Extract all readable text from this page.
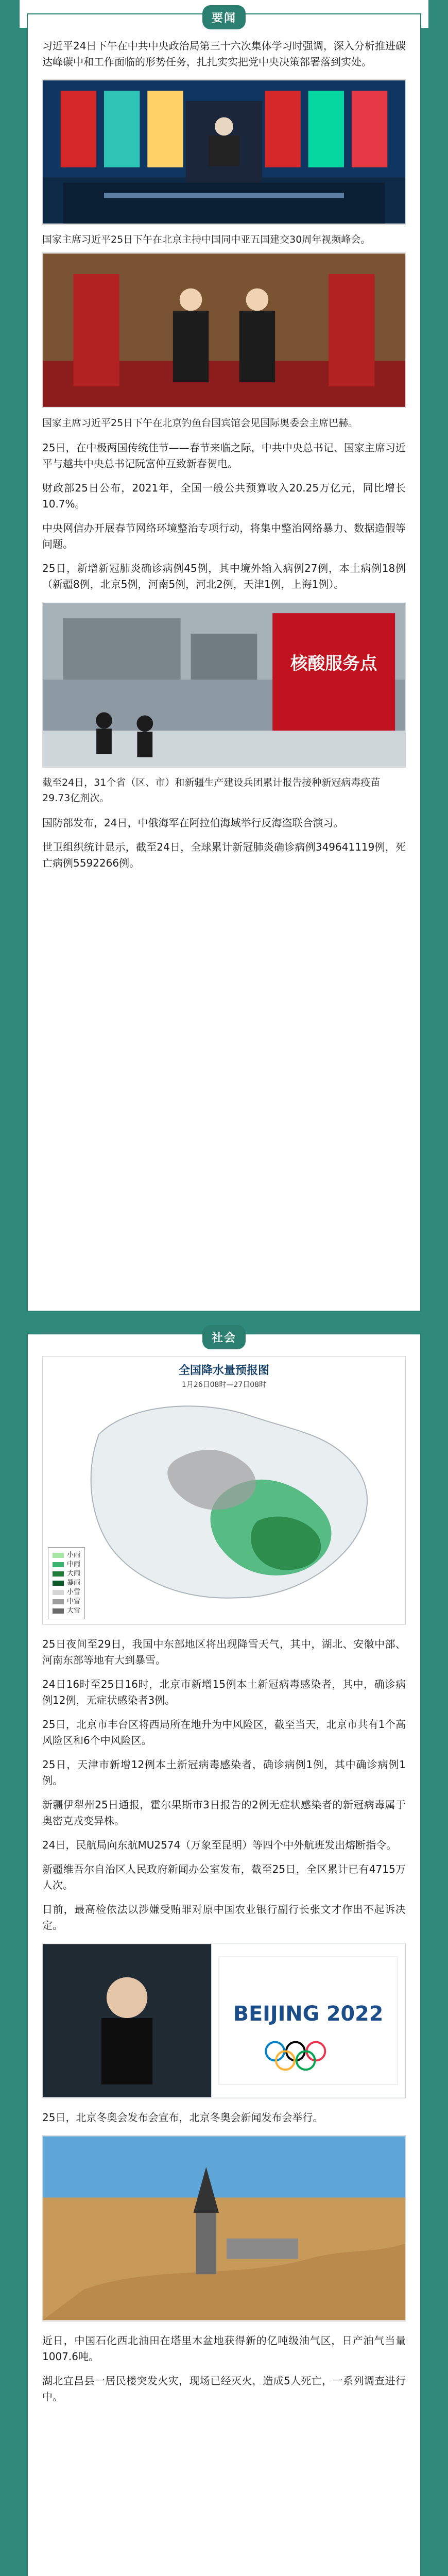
要闻
习近平24日下午在中共中央政治局第三十六次集体学习时强调，深入分析推进碳达峰碳中和工作面临的形势任务，扎扎实实把党中央决策部署落到实处。
国家主席习近平25日下午在北京主持中国同中亚五国建交30周年视频峰会。
国家主席习近平25日下午在北京钓鱼台国宾馆会见国际奥委会主席巴赫。
25日，在中极两国传统佳节——春节来临之际，中共中央总书记、国家主席习近平与越共中央总书记阮富仲互致新春贺电。
财政部25日公布，2021年，全国一般公共预算收入20.25万亿元，同比增长10.7%。
中央网信办开展春节网络环境整治专项行动，将集中整治网络暴力、数据造假等问题。
25日，新增新冠肺炎确诊病例45例，其中境外输入病例27例，本土病例18例（新疆8例，北京5例，河南5例，河北2例，天津1例，上海1例）。
核酸服务点
截至24日，31个省（区、市）和新疆生产建设兵团累计报告接种新冠病毒疫苗29.73亿剂次。
国防部发布，24日，中俄海军在阿拉伯海域举行反海盗联合演习。
世卫组织统计显示，截至24日，全球累计新冠肺炎确诊病例349641119例，死亡病例5592266例。
社会
全国降水量预报图
1月26日08时—27日08时
小雨
中雨
大雨
暴雨
小雪
中雪
大雪
25日夜间至29日，我国中东部地区将出现降雪天气，其中，湖北、安徽中部、河南东部等地有大到暴雪。
24日16时至25日16时，北京市新增15例本土新冠病毒感染者，其中，确诊病例12例，无症状感染者3例。
25日，北京市丰台区将西局所在地升为中风险区，截至当天，北京市共有1个高风险区和6个中风险区。
25日，天津市新增12例本土新冠病毒感染者，确诊病例1例，其中确诊病例1例。
新疆伊犁州25日通报，霍尔果斯市3日报告的2例无症状感染者的新冠病毒属于奥密克戎变异株。
24日，民航局向东航MU2574（万象至昆明）等四个中外航班发出熔断指令。
新疆维吾尔自治区人民政府新闻办公室发布，截至25日，全区累计已有4715万人次。
日前，最高检依法以涉嫌受贿罪对原中国农业银行副行长张文才作出不起诉决定。
BEIJING 2022
25日，北京冬奥会发布会宣布，北京冬奥会新闻发布会举行。
近日，中国石化西北油田在塔里木盆地获得新的亿吨级油气区，日产油气当量1007.6吨。
湖北宜昌县一居民楼突发火灾，现场已经灭火，造成5人死亡，一系列调查进行中。
